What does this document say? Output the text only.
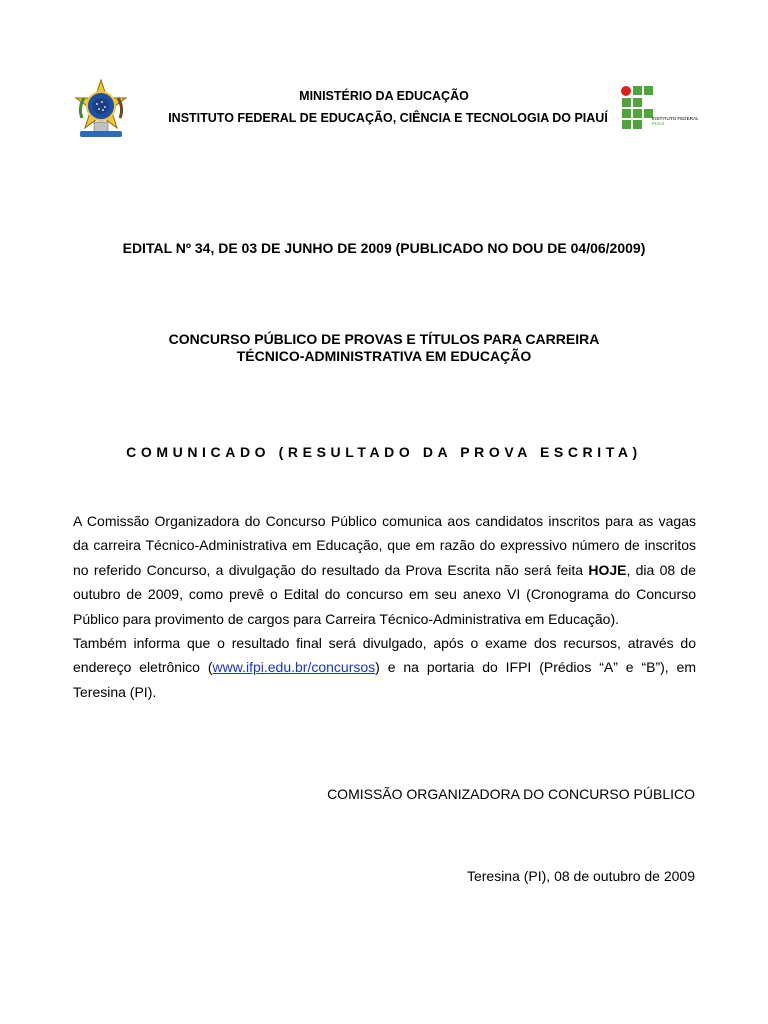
INSTITUTO FEDERAL
PIAUÍ
MINISTÉRIO DA EDUCAÇÃO
INSTITUTO FEDERAL DE EDUCAÇÃO, CIÊNCIA E TECNOLOGIA DO PIAUÍ
EDITAL Nº 34, DE 03 DE JUNHO DE 2009 (PUBLICADO NO DOU DE 04/06/2009)
CONCURSO PÚBLICO DE PROVAS E TÍTULOS PARA CARREIRA
TÉCNICO-ADMINISTRATIVA EM EDUCAÇÃO
COMUNICADO (RESULTADO DA PROVA ESCRITA)

A Comissão Organizadora do Concurso Público comunica aos candidatos inscritos para as vagas da carreira Técnico-Administrativa em Educação, que em razão do expressivo número de inscritos no referido Concurso, a divulgação do resultado da Prova Escrita não será feita HOJE, dia 08 de outubro de 2009, como prevê o Edital do concurso em seu anexo VI (Cronograma do Concurso Público para provimento de cargos para Carreira Técnico-Administrativa em Educação).

Também informa que o resultado final será divulgado, após o exame dos recursos, através do endereço eletrônico (www.ifpi.edu.br/concursos) e na portaria do IFPI (Prédios “A” e “B”), em Teresina (PI).

COMISSÃO ORGANIZADORA DO CONCURSO PÚBLICO
Teresina (PI), 08 de outubro de 2009
